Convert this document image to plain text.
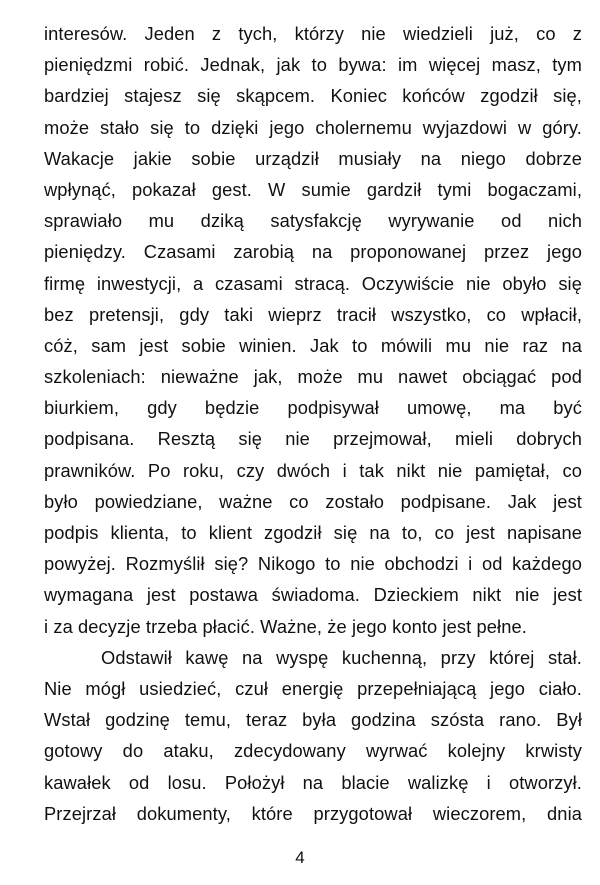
interesów. Jeden z tych, którzy nie wiedzieli już, co z
pieniędzmi robić. Jednak, jak to bywa: im więcej masz, tym
bardziej stajesz się skąpcem. Koniec końców zgodził się,
może stało się to dzięki jego cholernemu wyjazdowi w góry.
Wakacje jakie sobie urządził musiały na niego dobrze
wpłynąć, pokazał gest. W sumie gardził tymi bogaczami,
sprawiało mu dziką satysfakcję wyrywanie od nich
pieniędzy. Czasami zarobią na proponowanej przez jego
firmę inwestycji, a czasami stracą. Oczywiście nie obyło się
bez pretensji, gdy taki wieprz tracił wszystko, co wpłacił,
cóż, sam jest sobie winien. Jak to mówili mu nie raz na
szkoleniach: nieważne jak, może mu nawet obciągać pod
biurkiem, gdy będzie podpisywał umowę, ma być
podpisana. Resztą się nie przejmował, mieli dobrych
prawników. Po roku, czy dwóch i tak nikt nie pamiętał, co
było powiedziane, ważne co zostało podpisane. Jak jest
podpis klienta, to klient zgodził się na to, co jest napisane
powyżej. Rozmyślił się? Nikogo to nie obchodzi i od każdego
wymagana jest postawa świadoma. Dzieckiem nikt nie jest
i za decyzje trzeba płacić. Ważne, że jego konto jest pełne.
Odstawił kawę na wyspę kuchenną, przy której stał.
Nie mógł usiedzieć, czuł energię przepełniającą jego ciało.
Wstał godzinę temu, teraz była godzina szósta rano. Był
gotowy do ataku, zdecydowany wyrwać kolejny krwisty
kawałek od losu. Położył na blacie walizkę i otworzył.
Przejrzał dokumenty, które przygotował wieczorem, dnia
4
